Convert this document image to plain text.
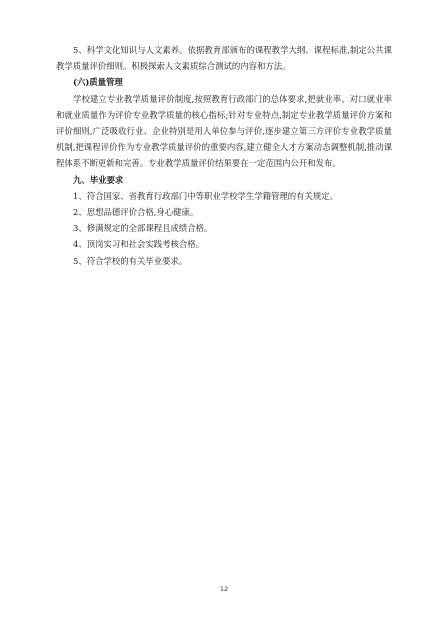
5、科学文化知识与人文素养。依据教育部颁布的课程教学大纲、课程标准,制定公共课教学质量评价细则。积极探索人文素质综合测试的内容和方法。

(六)质量管理

学校建立专业教学质量评价制度,按照教育行政部门的总体要求,把就业率、对口就业率和就业质量作为评价专业教学质量的核心指标;针对专业特点,制定专业教学质量评价方案和评价细则,广泛吸收行业、企业特别是用人单位参与评价,逐步建立第三方评价专业教学质量机制,把课程评价作为专业教学质量评价的重要内容,建立健全人才方案动态调整机制,推动课程体系不断更新和完善。专业教学质量评价结果要在一定范围内公开和发布。

九、毕业要求

1、符合国家、省教育行政部门中等职业学校学生学籍管理的有关规定。

2、思想品德评价合格,身心健康。

3、修满规定的全部课程且成绩合格。

4、顶岗实习和社会实践考核合格。

5、符合学校的有关毕业要求。

12
